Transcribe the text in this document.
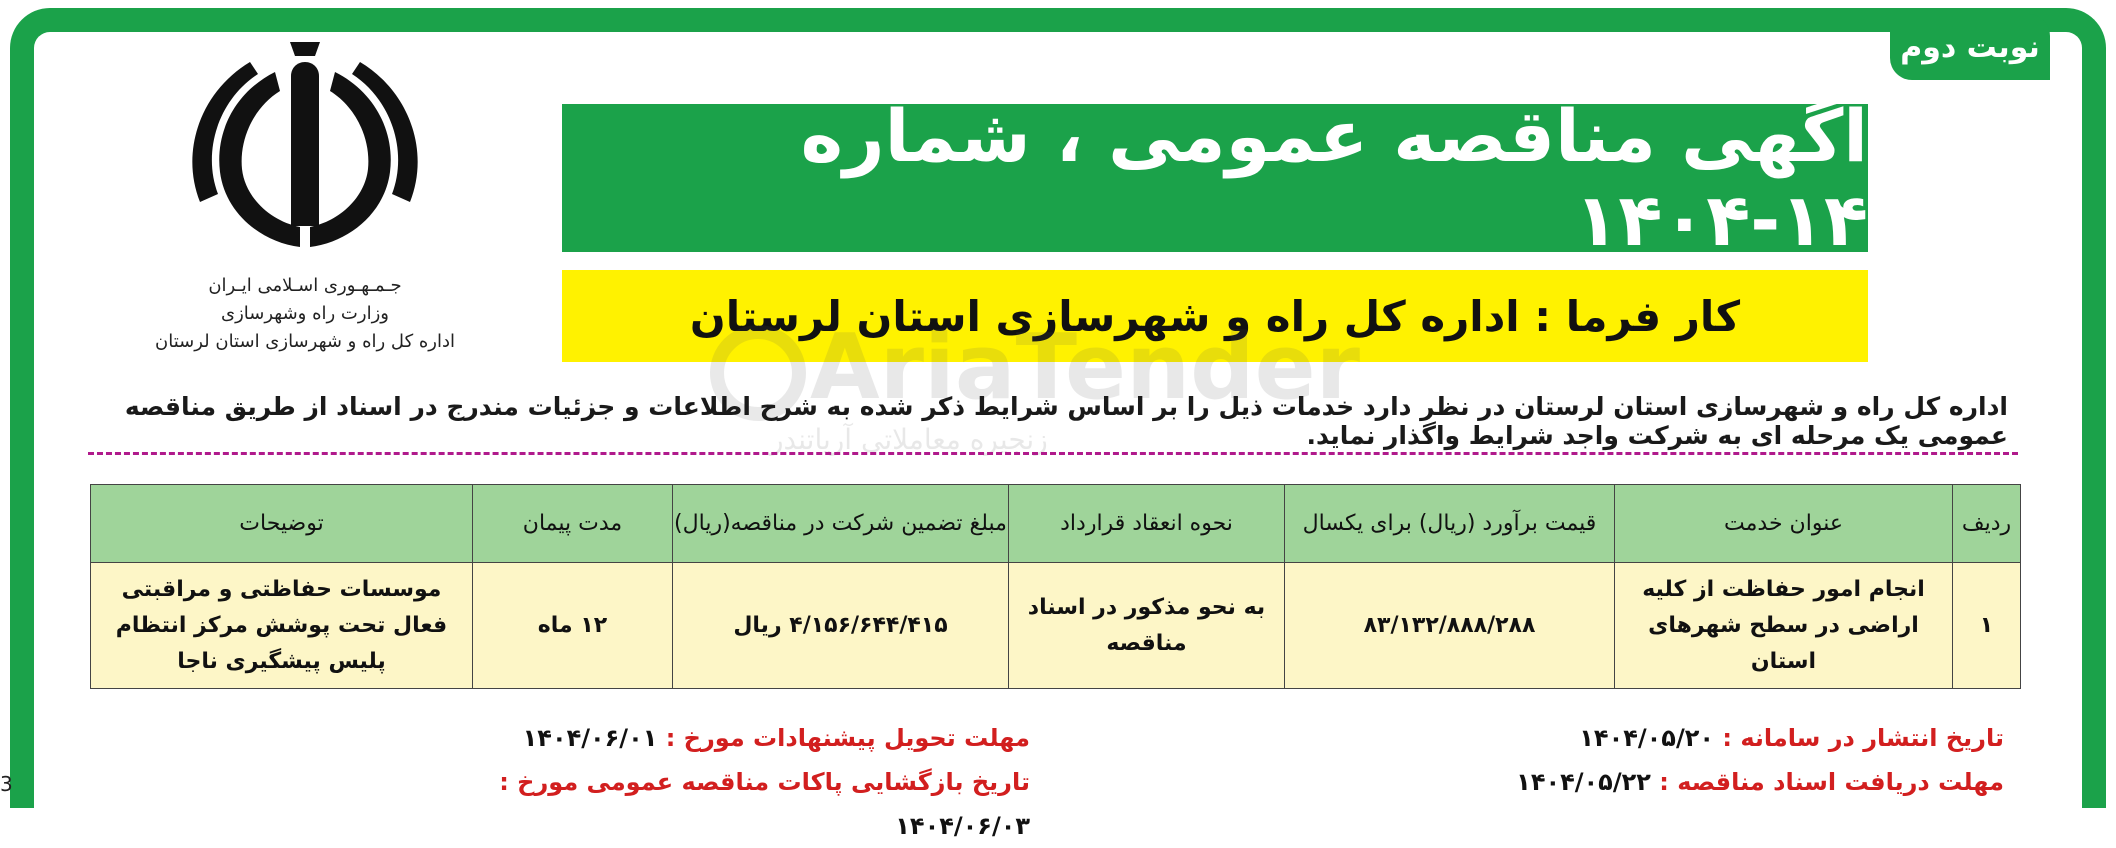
نوبت دوم
جـمـهـوری اسـلامی ایـران
وزارت راه وشهرسازی
اداره کل راه و شهرسازی استان لرستان
آگهی مناقصه عمومی ، شماره ۱۴-۱۴۰۴
کار فرما : اداره کل راه و شهرسازی استان لرستان
اداره کل راه و شهرسازی استان لرستان در نظر دارد خدمات ذیل را بر اساس شرایط ذکر شده به شرح اطلاعات و جزئیات مندرج در اسناد از طریق مناقصه عمومی یک مرحله ای به شرکت واجد شرایط واگذار نماید.
ردیف	عنوان خدمت	قیمت برآورد (ریال) برای یکسال	نحوه انعقاد قرارداد	مبلغ تضمین شرکت در مناقصه(ریال)	مدت پیمان	توضیحات
۱	انجام امور حفاظت از کلیه اراضی در سطح شهرهای استان	۸۳/۱۳۲/۸۸۸/۲۸۸	به نحو مذکور در اسناد مناقصه	۴/۱۵۶/۶۴۴/۴۱۵ ریال	۱۲ ماه	موسسات حفاظتی و مراقبتی فعال تحت پوشش مرکز انتظام پلیس پیشگیری ناجا
تاریخ انتشار در سامانه : ۱۴۰۴/۰۵/۲۰
مهلت دریافت اسناد مناقصه : ۱۴۰۴/۰۵/۲۲
مهلت تحویل پیشنهادات مورخ : ۱۴۰۴/۰۶/۰۱
تاریخ بازگشایی پاکات مناقصه عمومی مورخ : ۱۴۰۴/۰۶/۰۳
3
